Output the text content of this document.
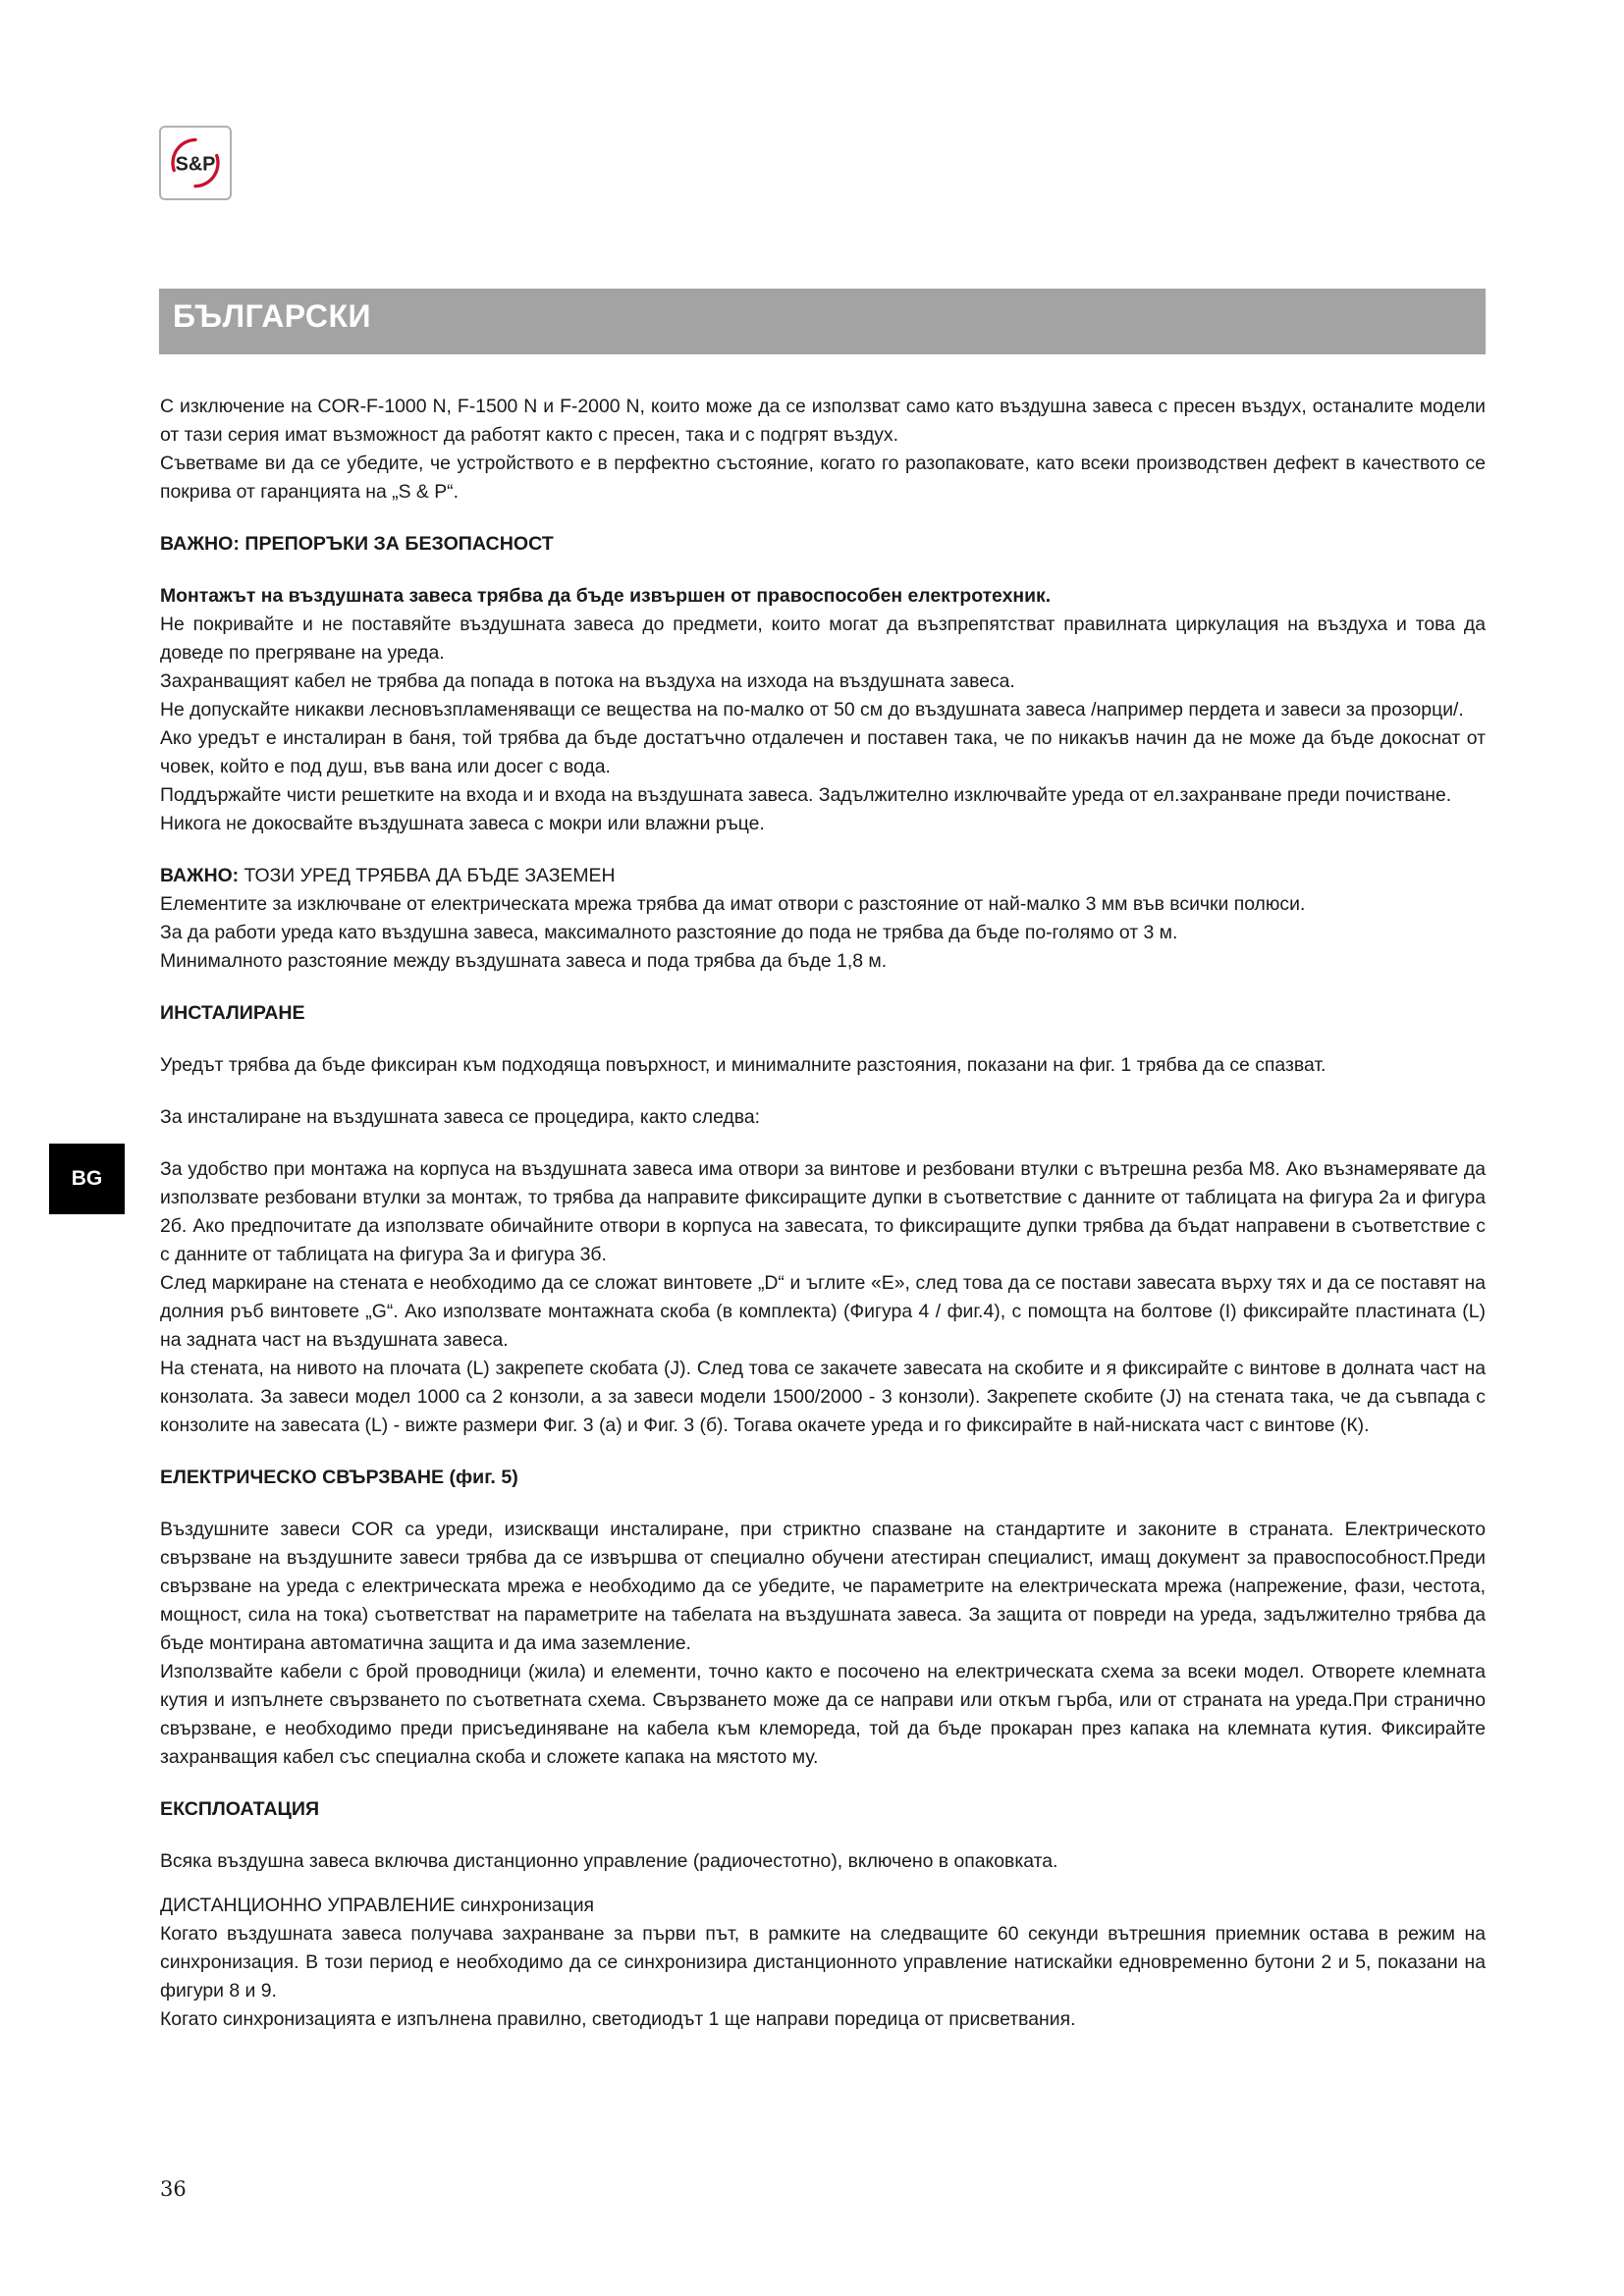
S&P
БЪЛГАРСКИ
BG

С изключение на COR-F-1000 N, F-1500 N и F-2000 N, които може да се използват само като въздушна завеса с пресен въздух, останалите модели от тази серия имат възможност да работят както с пресен, така и с подгрят въздух.

Съветваме ви да се убедите, че устройството е в перфектно състояние, когато го разопаковате, като всеки производствен дефект в качеството се покрива от гаранцията на „S & P“.

ВАЖНО: ПРЕПОРЪКИ ЗА БЕЗОПАСНОСТ

Монтажът на въздушната завеса трябва да бъде извършен от правоспособен електротехник.

Не покривайте и не поставяйте въздушната завеса до предмети, които могат да възпрепятстват правилната циркулация на въздуха и това да доведе по прегряване на уреда.

Захранващият кабел не трябва да попада в потока на въздуха на изхода на въздушната завеса.

Не допускайте никакви лесновъзпламеняващи се вещества на по-малко от 50 см до въздушната завеса /например пердета и завеси за прозорци/.

Ако уредът е инсталиран в баня, той трябва да бъде достатъчно отдалечен и поставен така, че по никакъв начин да не може да бъде докоснат от човек, който е под душ, във вана или досег с вода.

Поддържайте чисти решетките на входа и и входа на въздушната завеса. Задължително изключвайте уреда от ел.захранване преди почистване.

Никога не докосвайте въздушната завеса с мокри или влажни ръце.

ВАЖНО: ТОЗИ УРЕД ТРЯБВА ДА БЪДЕ ЗАЗЕМЕН

Елементите за изключване от електрическата мрежа трябва да имат отвори с разстояние от най-малко 3 мм във всички полюси.

За да работи уреда като въздушна завеса, максималното разстояние до пода не трябва да бъде по-голямо от 3 м.

Минималното разстояние между въздушната завеса и пода трябва да бъде 1,8 м.

ИНСТАЛИРАНЕ

Уредът трябва да бъде фиксиран към подходяща повърхност, и минималните разстояния, показани на фиг. 1 трябва да се спазват.

За инсталиране на въздушната завеса се процедира, както следва:

За удобство при монтажа на корпуса на въздушната завеса има отвори за винтове и резбовани втулки с вътрешна резба М8. Ако възнамерявате да използвате резбовани втулки за монтаж, то трябва да направите фиксиращите дупки в съответствие с данните от таблицата на фигура 2а и фигура 2б. Ако предпочитате да използвате обичайните отвори в корпуса на завесата, то фиксиращите дупки трябва да бъдат направени в съответствие с с данните от таблицата на фигура 3а и фигура 3б.

След маркиране на стената е необходимо да се сложат винтовете „D“ и ъглите «Е», след това да се постави завесата върху тях и да се поставят на долния ръб винтовете „G“. Ако използвате монтажната скоба (в комплекта) (Фигура 4 / фиг.4), с помощта на болтове (I) фиксирайте пластината (L) на задната част на въздушната завеса.

На стената, на нивото на плочата (L) закрепете скобата (J). След това се закачете завесата на скобите и я фиксирайте с винтове в долната част на конзолата. За завеси модел 1000 са 2 конзоли, а за завеси модели 1500/2000 - 3 конзоли). Закрепете скобите (J) на стената така, че да съвпада с конзолите на завесата (L) - вижте размери Фиг. 3 (а) и Фиг. 3 (б). Тогава окачете уреда и го фиксирайте в най-ниската част с винтове (К).

ЕЛЕКТРИЧЕСКО СВЪРЗВАНЕ (фиг. 5)

Въздушните завеси COR са уреди, изискващи инсталиране, при стриктно спазване на стандартите и законите в страната. Електрическото свързване на въздушните завеси трябва да се извършва от специално обучени атестиран специалист, имащ документ за правоспособност.Преди свързване на уреда с електрическата мрежа е необходимо да се убедите, че параметрите на електрическата мрежа (напрежение, фази, честота, мощност, сила на тока) съответстват на параметрите на табелата на въздушната завеса. За защита от повреди на уреда, задължително трябва да бъде монтирана автоматична защита и да има заземление.

Използвайте кабели с брой проводници (жила) и елементи, точно както е посочено на електрическата схема за всеки модел. Отворете клемната кутия и изпълнете свързването по съответната схема. Свързването може да се направи или откъм гърба, или от страната на уреда.При странично свързване, е необходимо преди присъединяване на кабела към клемореда, той да бъде прокаран през капака на клемната кутия. Фиксирайте захранващия кабел със специална скоба и сложете капака на мястото му.

ЕКСПЛОАТАЦИЯ

Всяка въздушна завеса включва дистанционно управление (радиочестотно), включено в опаковката.

ДИСТАНЦИОННО УПРАВЛЕНИЕ синхронизация

Когато въздушната завеса получава захранване за първи път, в рамките на следващите 60 секунди вътрешния приемник остава в режим на синхронизация. В този период е необходимо да се синхронизира дистанционното управление натискайки едновременно бутони 2 и 5, показани на фигури 8 и 9.

Когато синхронизацията е изпълнена правилно, светодиодът 1 ще направи поредица от присветвания.

36
